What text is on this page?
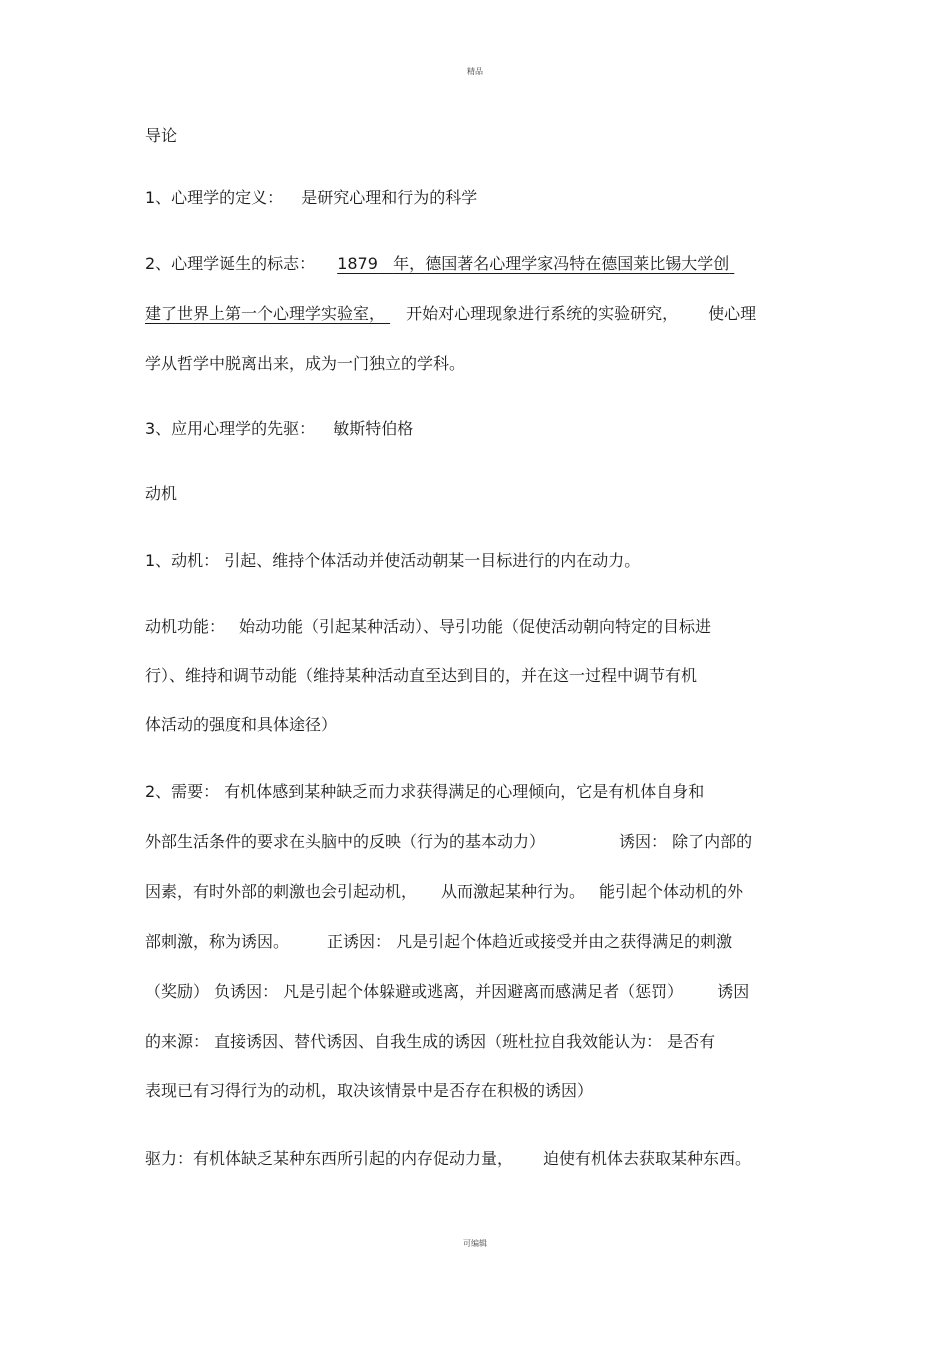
精品
导论
1、心理学的定义： 是研究心理和行为的科学
2、心理学诞生的标志： 1879 年，德国著名心理学家冯特在德国莱比锡大学创
建了世界上第一个心理学实验室， 开始对心理现象进行系统的实验研究， 使心理
学从哲学中脱离出来，成为一门独立的学科。
3、应用心理学的先驱： 敏斯特伯格
动机
1、动机： 引起、维持个体活动并使活动朝某一目标进行的内在动力。
动机功能： 始动功能（引起某种活动）、导引功能（促使活动朝向特定的目标进
行）、维持和调节动能（维持某种活动直至达到目的，并在这一过程中调节有机
体活动的强度和具体途径）
2、需要： 有机体感到某种缺乏而力求获得满足的心理倾向，它是有机体自身和
外部生活条件的要求在头脑中的反映（行为的基本动力）	诱因： 除了内部的
因素，有时外部的刺激也会引起动机， 从而激起某种行为。 能引起个体动机的外
部刺激，称为诱因。 正诱因： 凡是引起个体趋近或接受并由之获得满足的刺激
（奖励） 负诱因： 凡是引起个体躲避或逃离，并因避离而感满足者（惩罚） 诱因
的来源： 直接诱因、替代诱因、自我生成的诱因（班杜拉自我效能认为： 是否有
表现已有习得行为的动机，取决该情景中是否存在积极的诱因）
驱力：有机体缺乏某种东西所引起的内存促动力量， 迫使有机体去获取某种东西。
可编辑
